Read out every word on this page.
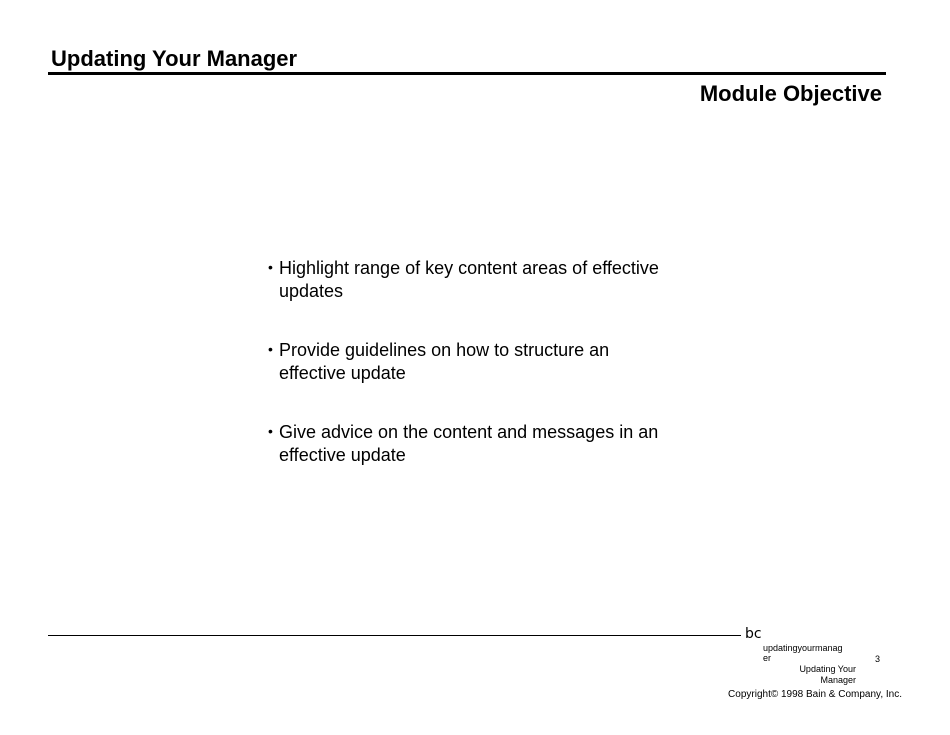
Updating Your Manager
Module Objective
• Highlight range of key content areas of effective updates
• Provide guidelines on how to structure an effective update
• Give advice on the content and messages in an effective update
bc
updatingyourmanager	3
Updating Your Manager
Copyright© 1998 Bain & Company, Inc.
